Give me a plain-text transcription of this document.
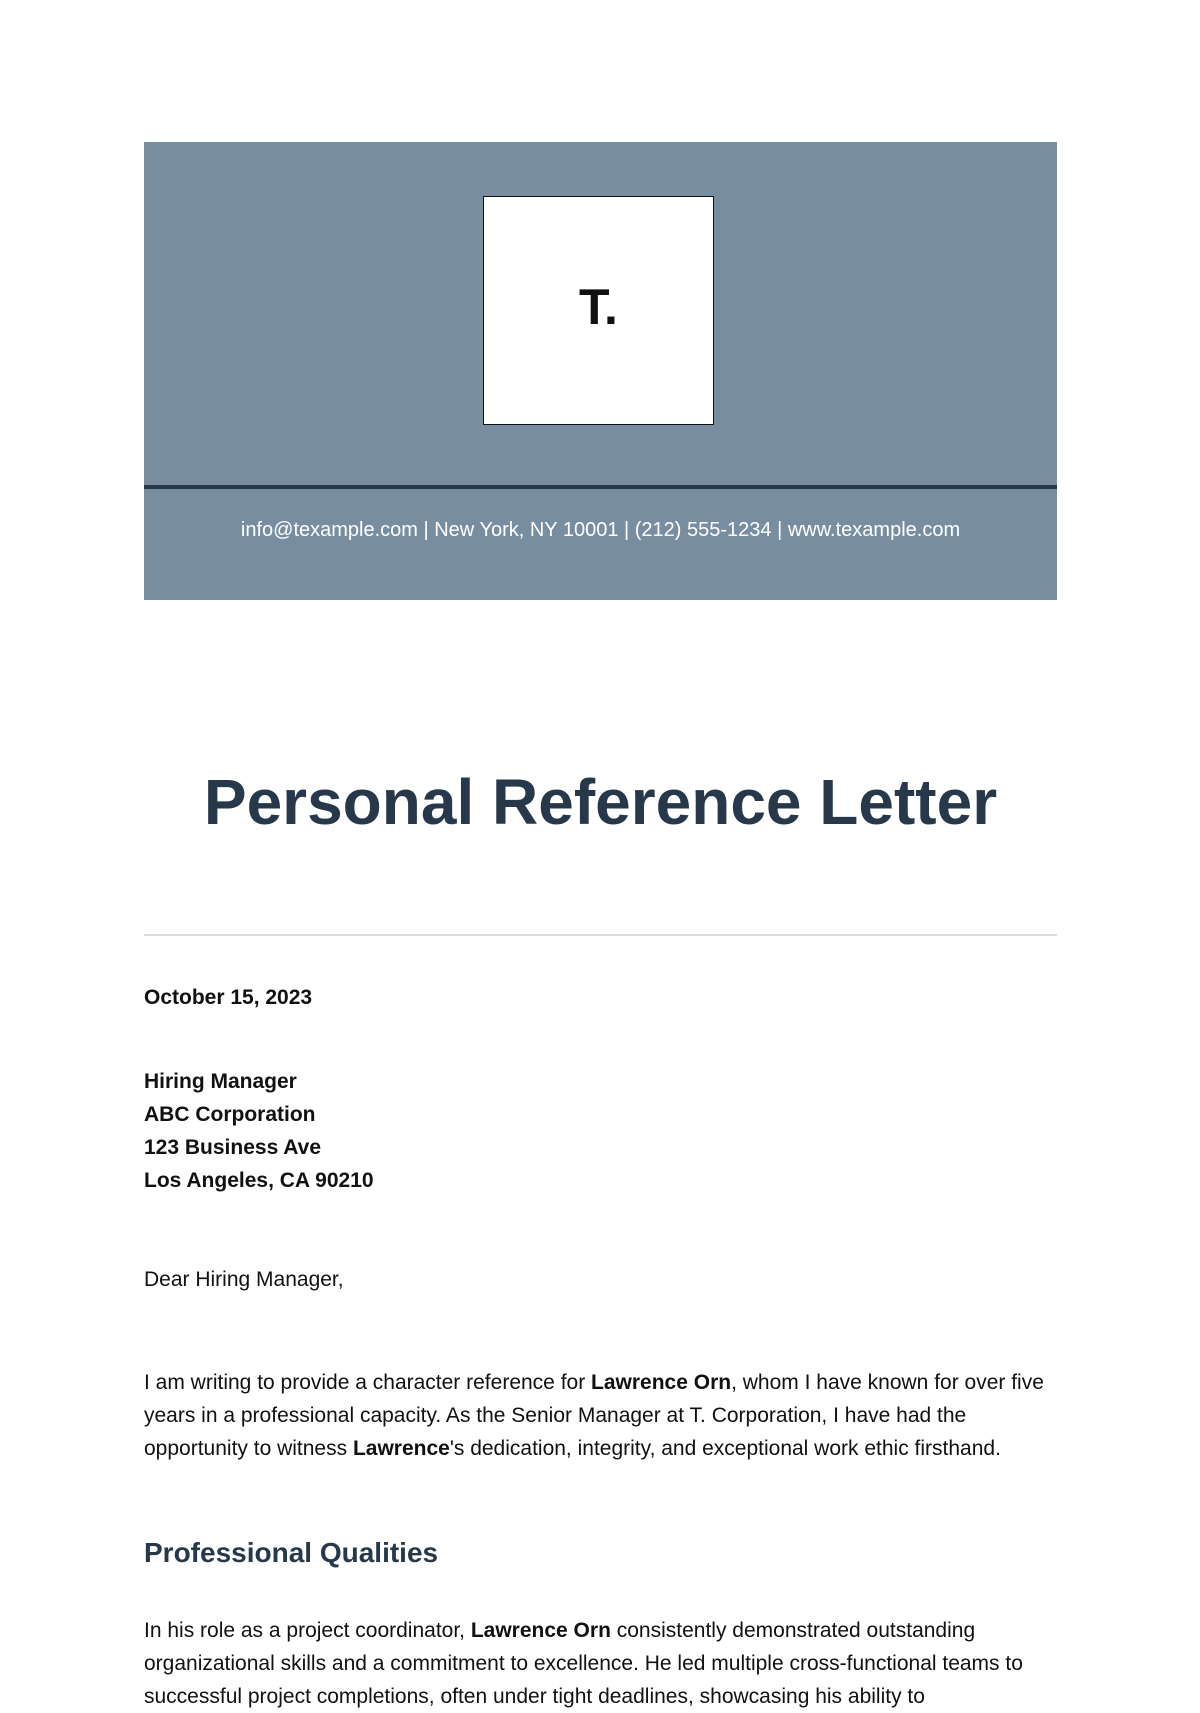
T.
info@texample.com | New York, NY 10001 | (212) 555-1234 | www.texample.com
Personal Reference Letter
October 15, 2023
Hiring Manager
ABC Corporation
123 Business Ave
Los Angeles, CA 90210
Dear Hiring Manager,

I am writing to provide a character reference for Lawrence Orn, whom I have known for over five years in a professional capacity. As the Senior Manager at T. Corporation, I have had the opportunity to witness Lawrence's dedication, integrity, and exceptional work ethic firsthand.

Professional Qualities

In his role as a project coordinator, Lawrence Orn consistently demonstrated outstanding organizational skills and a commitment to excellence. He led multiple cross-functional teams to successful project completions, often under tight deadlines, showcasing his ability to
